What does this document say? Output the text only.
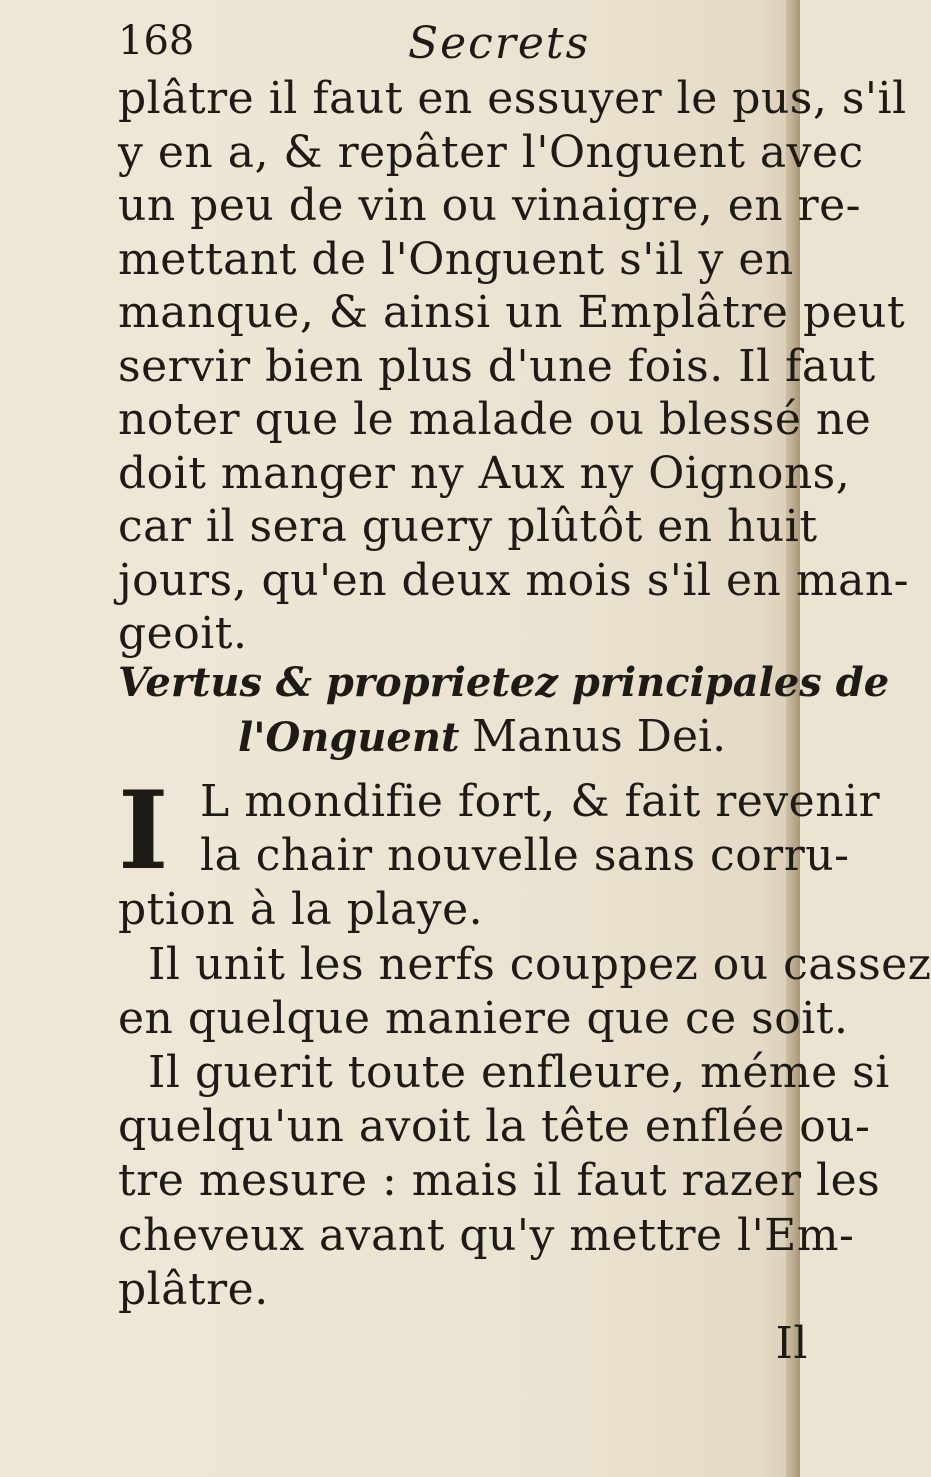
168	Secrets
plâtre il faut en essuyer le pus, s'il
y en a, & repâter l'Onguent avec
un peu de vin ou vinaigre, en re-
mettant de l'Onguent s'il y en
manque, & ainsi un Emplâtre peut
servir bien plus d'une fois. Il faut
noter que le malade ou blessé ne
doit manger ny Aux ny Oignons,
car il sera guery plûtôt en huit
jours, qu'en deux mois s'il en man-
geoit.
Vertus & proprietez principales de
l'Onguent Manus Dei.
I L mondifie fort, & fait revenir
la chair nouvelle sans corru-
ption à la playe.
Il unit les nerfs couppez ou cassez
en quelque maniere que ce soit.
Il guerit toute enfleure, méme si
quelqu'un avoit la tête enflée ou-
tre mesure : mais il faut razer les
cheveux avant qu'y mettre l'Em-
plâtre.
Il
